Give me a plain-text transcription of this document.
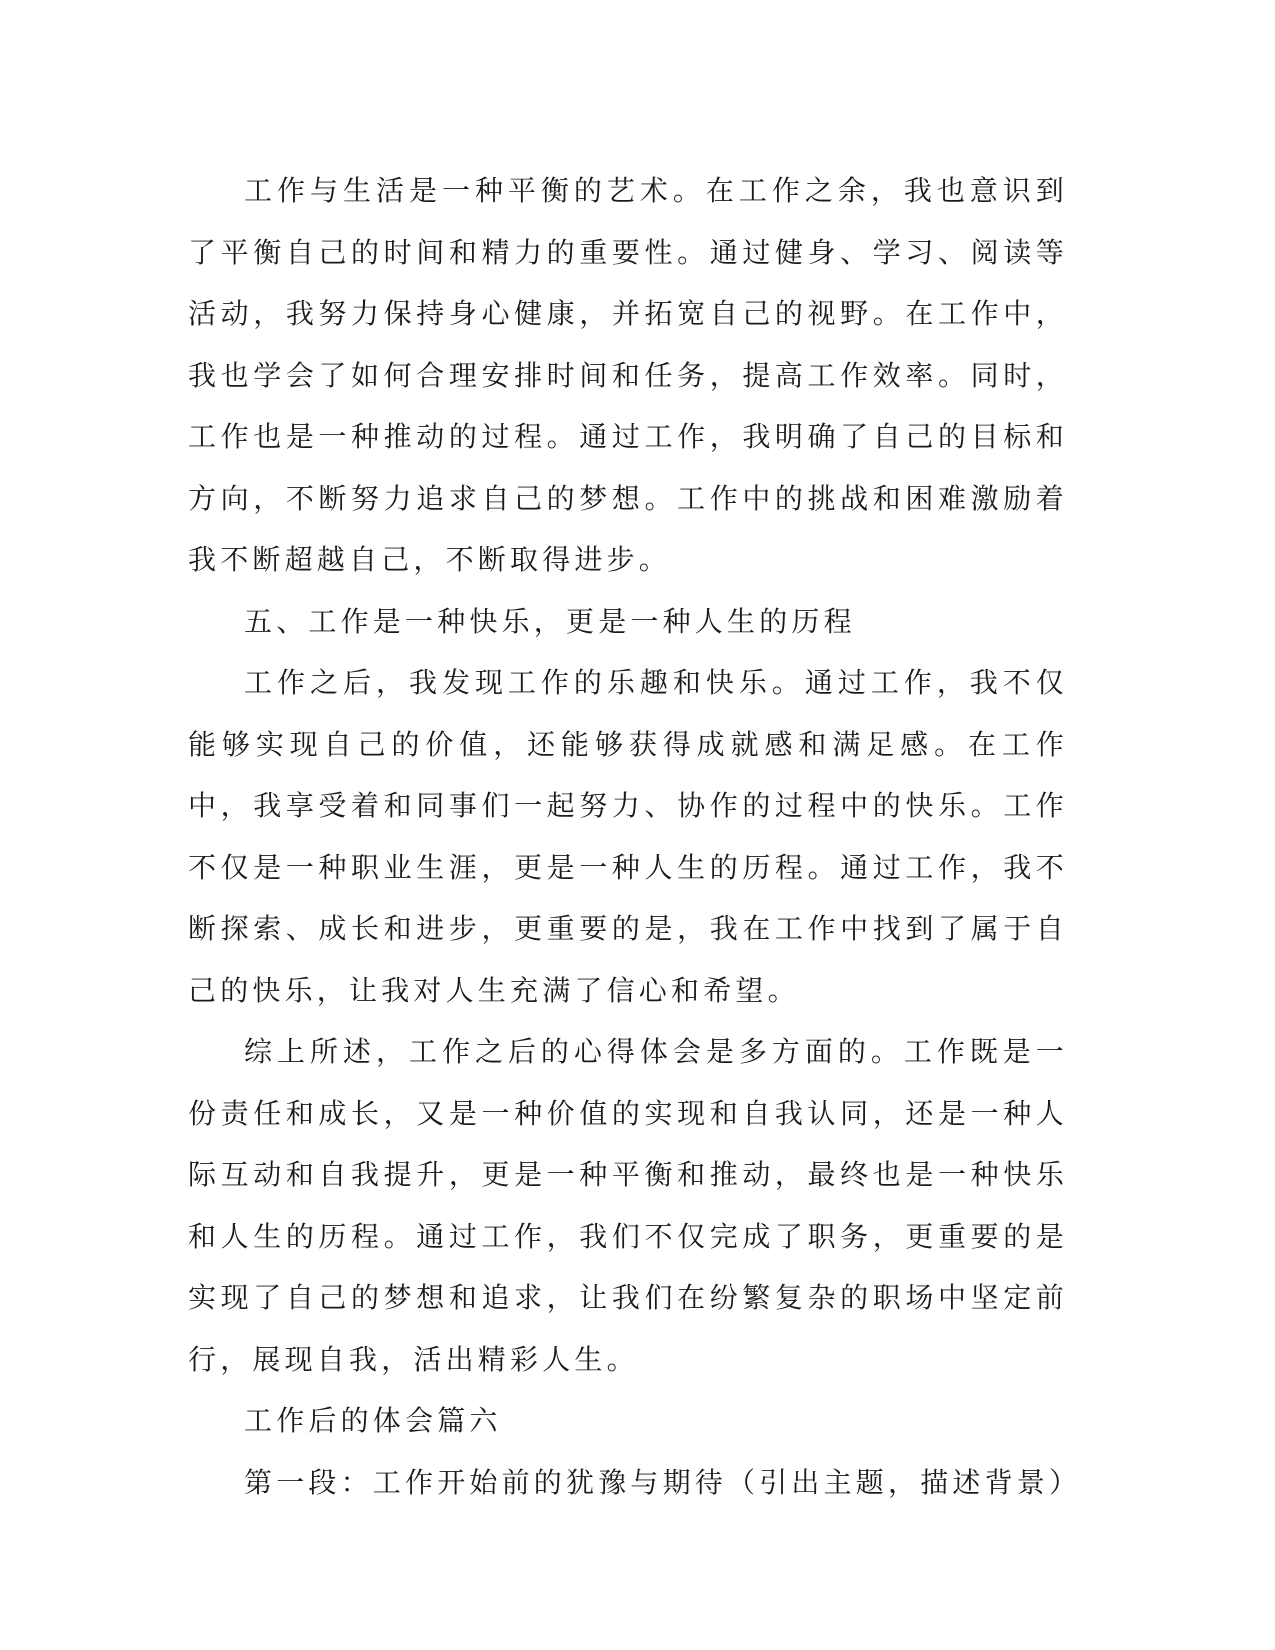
工作与生活是一种平衡的艺术。在工作之余，我也意识到了平衡自己的时间和精力的重要性。通过健身、学习、阅读等活动，我努力保持身心健康，并拓宽自己的视野。在工作中，我也学会了如何合理安排时间和任务，提高工作效率。同时，工作也是一种推动的过程。通过工作，我明确了自己的目标和方向，不断努力追求自己的梦想。工作中的挑战和困难激励着我不断超越自己，不断取得进步。

五、工作是一种快乐，更是一种人生的历程

工作之后，我发现工作的乐趣和快乐。通过工作，我不仅能够实现自己的价值，还能够获得成就感和满足感。在工作中，我享受着和同事们一起努力、协作的过程中的快乐。工作不仅是一种职业生涯，更是一种人生的历程。通过工作，我不断探索、成长和进步，更重要的是，我在工作中找到了属于自己的快乐，让我对人生充满了信心和希望。

综上所述，工作之后的心得体会是多方面的。工作既是一份责任和成长，又是一种价值的实现和自我认同，还是一种人际互动和自我提升，更是一种平衡和推动，最终也是一种快乐和人生的历程。通过工作，我们不仅完成了职务，更重要的是实现了自己的梦想和追求，让我们在纷繁复杂的职场中坚定前行，展现自我，活出精彩人生。

工作后的体会篇六

第一段：工作开始前的犹豫与期待（引出主题，描述背景）
